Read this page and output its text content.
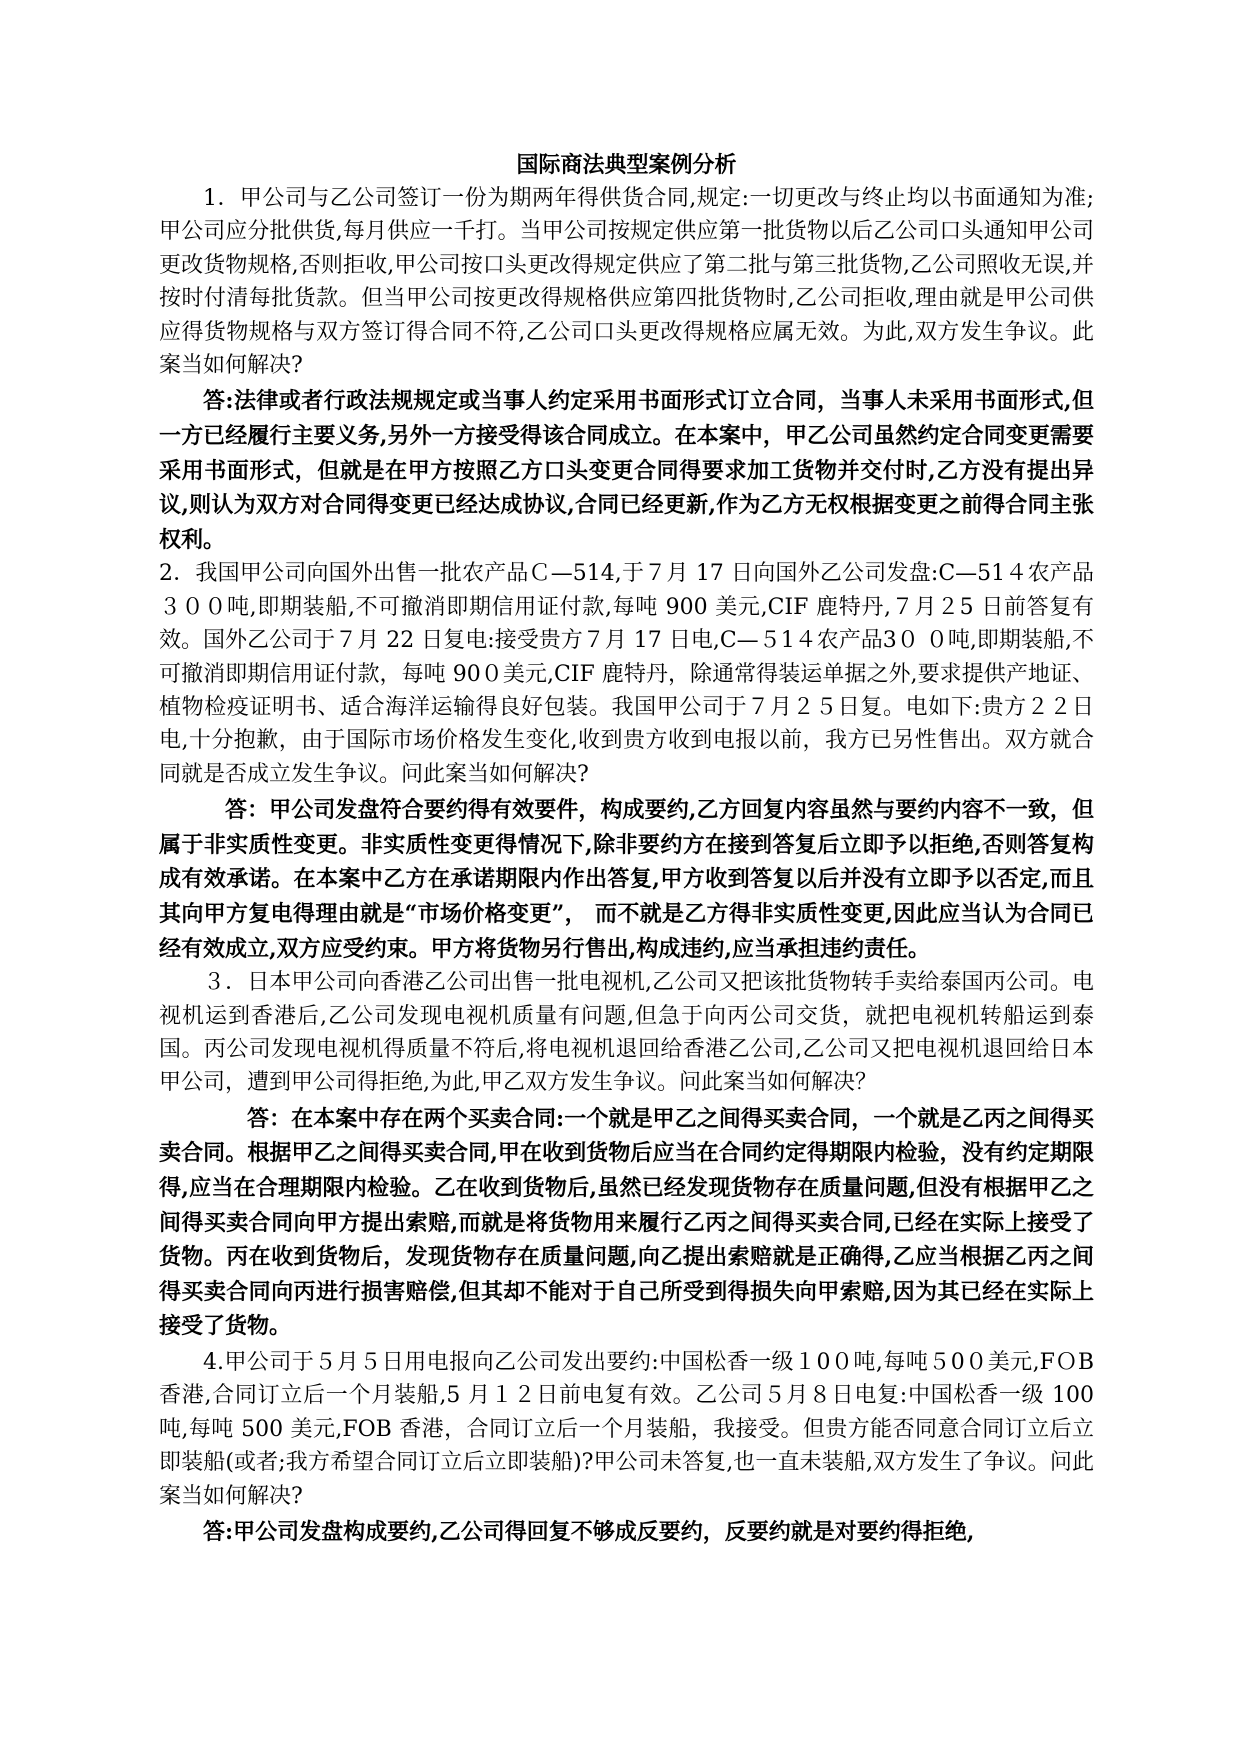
国际商法典型案例分析

1．甲公司与乙公司签订一份为期两年得供货合同,规定:一切更改与终止均以书面通知为准;甲公司应分批供货,每月供应一千打。当甲公司按规定供应第一批货物以后乙公司口头通知甲公司更改货物规格,否则拒收,甲公司按口头更改得规定供应了第二批与第三批货物,乙公司照收无误,并按时付清每批货款。但当甲公司按更改得规格供应第四批货物时,乙公司拒收,理由就是甲公司供应得货物规格与双方签订得合同不符,乙公司口头更改得规格应属无效。为此,双方发生争议。此案当如何解决?

答:法律或者行政法规规定或当事人约定采用书面形式订立合同，当事人未采用书面形式,但一方已经履行主要义务,另外一方接受得该合同成立。在本案中，甲乙公司虽然约定合同变更需要采用书面形式，但就是在甲方按照乙方口头变更合同得要求加工货物并交付时,乙方没有提出异议,则认为双方对合同得变更已经达成协议,合同已经更新,作为乙方无权根据变更之前得合同主张权利。

2．我国甲公司向国外出售一批农产品Ｃ—514,于７月 17 日向国外乙公司发盘:C—51４农产品３００吨,即期装船,不可撤消即期信用证付款,每吨 900 美元,CIF 鹿特丹,７月２5 日前答复有效。国外乙公司于７月 22 日复电:接受贵方７月 17 日电,C—５1４农产品3０ ０吨,即期装船,不可撤消即期信用证付款，每吨 90０美元,CIF 鹿特丹，除通常得装运单据之外,要求提供产地证、植物检疫证明书、适合海洋运输得良好包装。我国甲公司于７月２５日复。电如下:贵方２２日电,十分抱歉，由于国际市场价格发生变化,收到贵方收到电报以前，我方已另性售出。双方就合同就是否成立发生争议。问此案当如何解决?

答：甲公司发盘符合要约得有效要件，构成要约,乙方回复内容虽然与要约内容不一致，但属于非实质性变更。非实质性变更得情况下,除非要约方在接到答复后立即予以拒绝,否则答复构成有效承诺。在本案中乙方在承诺期限内作出答复,甲方收到答复以后并没有立即予以否定,而且其向甲方复电得理由就是“市场价格变更”， 而不就是乙方得非实质性变更,因此应当认为合同已经有效成立,双方应受约束。甲方将货物另行售出,构成违约,应当承担违约责任。

３．日本甲公司向香港乙公司出售一批电视机,乙公司又把该批货物转手卖给泰国丙公司。电视机运到香港后,乙公司发现电视机质量有问题,但急于向丙公司交货，就把电视机转船运到泰国。丙公司发现电视机得质量不符后,将电视机退回给香港乙公司,乙公司又把电视机退回给日本甲公司，遭到甲公司得拒绝,为此,甲乙双方发生争议。问此案当如何解决？

答：在本案中存在两个买卖合同:一个就是甲乙之间得买卖合同，一个就是乙丙之间得买卖合同。根据甲乙之间得买卖合同,甲在收到货物后应当在合同约定得期限内检验，没有约定期限得,应当在合理期限内检验。乙在收到货物后,虽然已经发现货物存在质量问题,但没有根据甲乙之间得买卖合同向甲方提出索赔,而就是将货物用来履行乙丙之间得买卖合同,已经在实际上接受了货物。丙在收到货物后，发现货物存在质量问题,向乙提出索赔就是正确得,乙应当根据乙丙之间得买卖合同向丙进行损害赔偿,但其却不能对于自己所受到得损失向甲索赔,因为其已经在实际上接受了货物。

4.甲公司于５月５日用电报向乙公司发出要约:中国松香一级１0０吨,每吨５0０美元,FＯB 香港,合同订立后一个月装船,5 月１２日前电复有效。乙公司５月８日电复:中国松香一级 100 吨,每吨 500 美元,FOB 香港，合同订立后一个月装船，我接受。但贵方能否同意合同订立后立即装船(或者;我方希望合同订立后立即装船)?甲公司未答复,也一直未装船,双方发生了争议。问此案当如何解决?

答:甲公司发盘构成要约,乙公司得回复不够成反要约，反要约就是对要约得拒绝,
